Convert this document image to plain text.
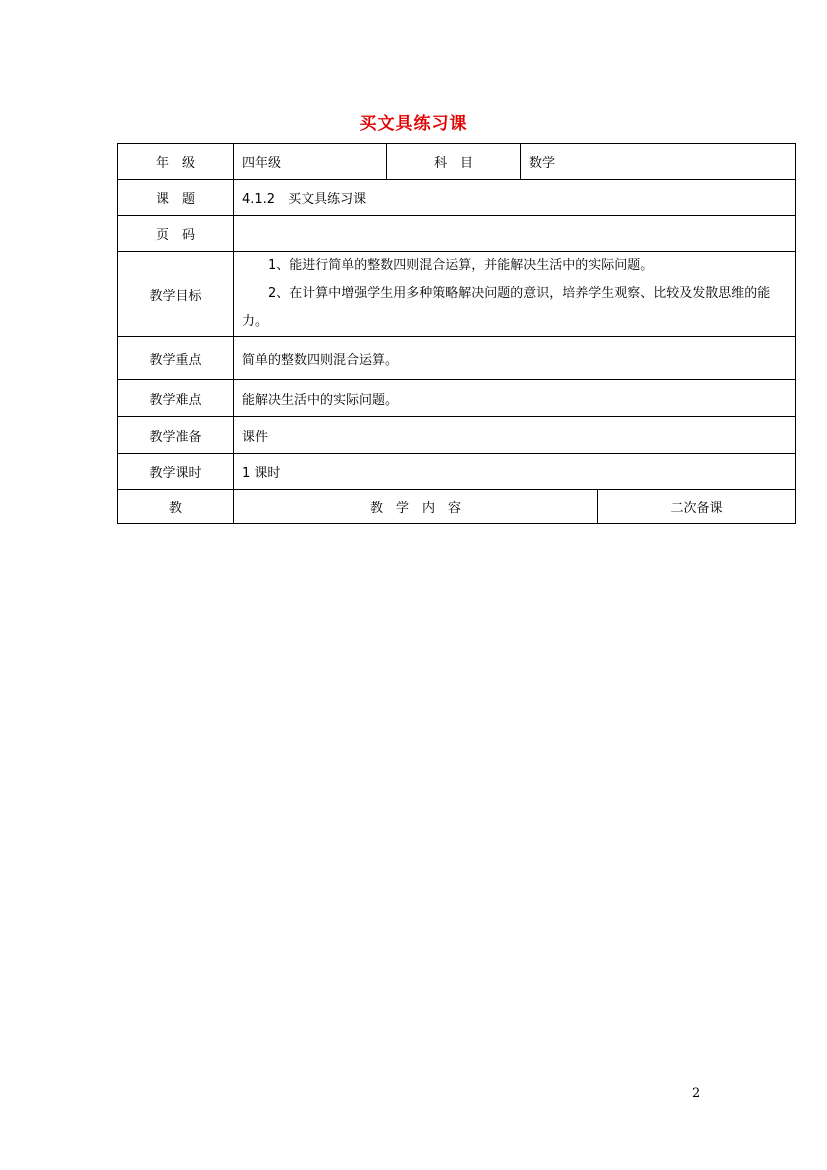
买文具练习课
年　级	四年级	科　目	数学	
课　题	4.1.2　买文具练习课			
页　码				
教学目标	1、能进行简单的整数四则混合运算，并能解决生活中的实际问题。

2、在计算中增强学生用多种策略解决问题的意识，培养学生观察、比较及发散思维的能力。			

教学重点	简单的整数四则混合运算。			
教学难点	能解决生活中的实际问题。			
教学准备	课件			
教学课时	1 课时			
教	教　学　内　容			二次备课
2
